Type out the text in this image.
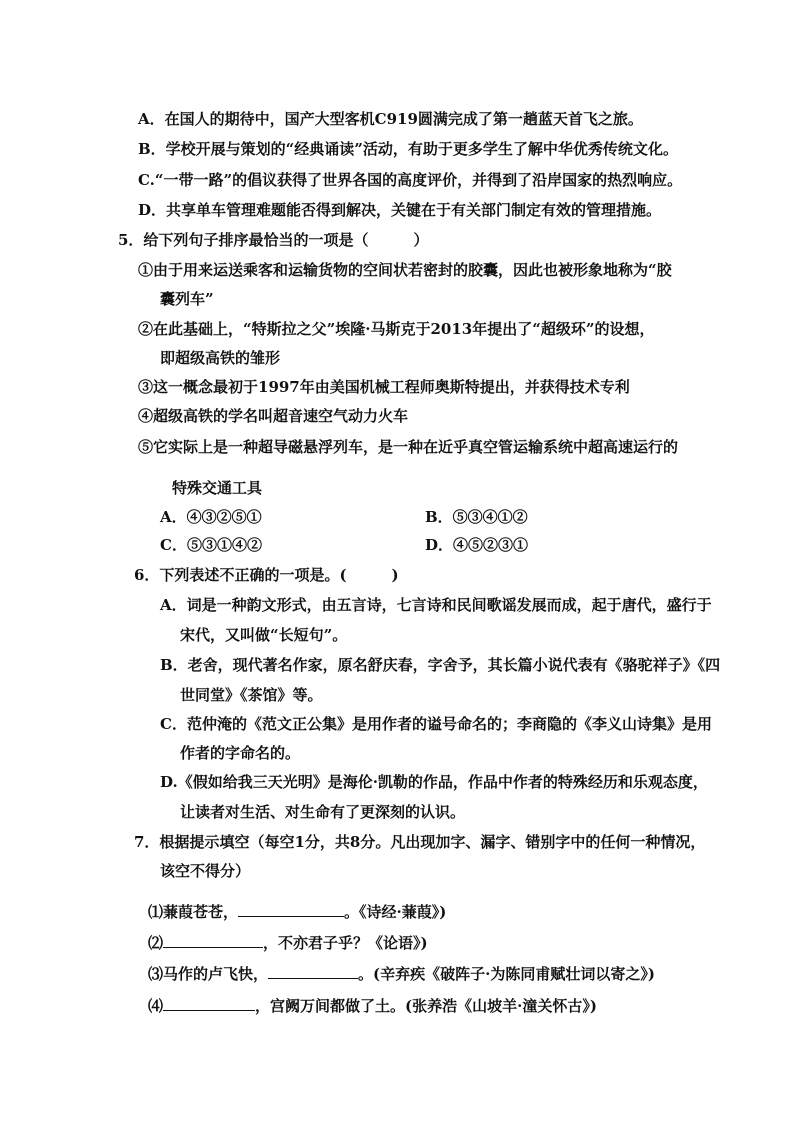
A．在国人的期待中，国产大型客机C919圆满完成了第一趟蓝天首飞之旅。
B．学校开展与策划的“经典诵读”活动，有助于更多学生了解中华优秀传统文化。
C.“一带一路”的倡议获得了世界各国的高度评价，并得到了沿岸国家的热烈响应。
D．共享单车管理难题能否得到解决，关键在于有关部门制定有效的管理措施。
5．给下列句子排序最恰当的一项是（　　　）
①由于用来运送乘客和运输货物的空间状若密封的胶囊，因此也被形象地称为“胶
囊列车”
②在此基础上，“特斯拉之父”埃隆·马斯克于2013年提出了“超级环”的设想，
即超级高铁的雏形
③这一概念最初于1997年由美国机械工程师奥斯特提出，并获得技术专利
④超级高铁的学名叫超音速空气动力火车
⑤它实际上是一种超导磁悬浮列车，是一种在近乎真空管运输系统中超高速运行的
特殊交通工具
A．④③②⑤①	B．⑤③④①②
C．⑤③①④②	D．④⑤②③①
6．下列表述不正确的一项是。(　　　)
A．词是一种韵文形式，由五言诗，七言诗和民间歌谣发展而成，起于唐代，盛行于
宋代，又叫做“长短句”。
B．老舍，现代著名作家，原名舒庆春，字舍予，其长篇小说代表有《骆驼祥子》《四
世同堂》《茶馆》等。
C．范仲淹的《范文正公集》是用作者的谥号命名的；李商隐的《李义山诗集》是用
作者的字命名的。
D.《假如给我三天光明》是海伦·凯勒的作品，作品中作者的特殊经历和乐观态度，
让读者对生活、对生命有了更深刻的认识。
7．根据提示填空（每空1分，共8分。凡出现加字、漏字、错别字中的任何一种情况，
该空不得分）
⑴蒹葭苍苍，	。《诗经·蒹葭》)
⑵	，不亦君子乎？《论语》)
⑶马作的卢飞快，	。(辛弃疾《破阵子·为陈同甫赋壮词以寄之》)
⑷	，宫阙万间都做了土。(张养浩《山坡羊·潼关怀古》)
